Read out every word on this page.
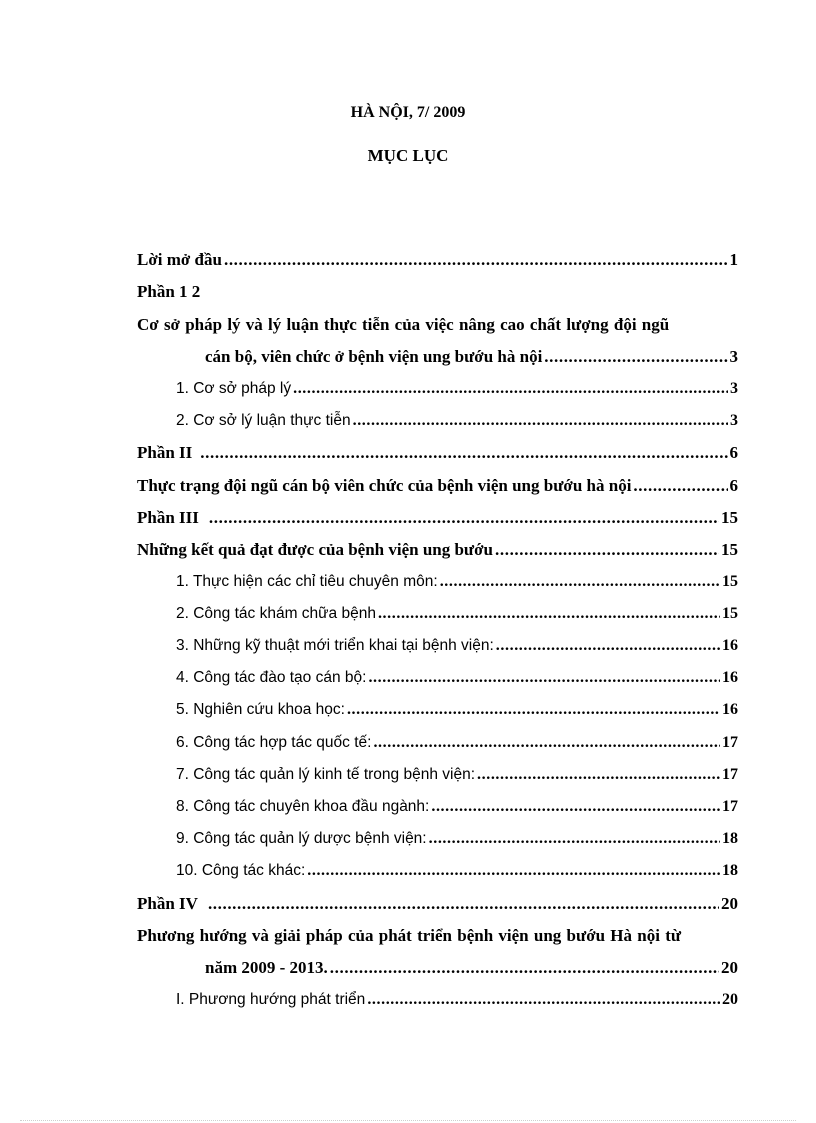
HÀ NỘI, 7/ 2009
MỤC LỤC
Lời mở đầu .....	1
Phần 1 2
Cơ sở pháp lý và lý luận thực tiễn của việc nâng cao chất lượng đội ngũ
cán bộ, viên chức ở bệnh viện ung bướu hà nội .....	3
1. Cơ sở pháp lý .....	3
2. Cơ sở lý luận thực tiễn .....	3
Phần II .....	6
Thực trạng đội ngũ cán bộ viên chức của bệnh viện ung bướu hà nội .....	6
Phần III .....	15
Những kết quả đạt được của bệnh viện ung bướu .....	15
1. Thực hiện các chỉ tiêu chuyên môn: .....	15
2. Công tác khám chữa bệnh .....	15
3. Những kỹ thuật mới triển khai tại bệnh viện: .....	16
4. Công tác đào tạo cán bộ: .....	16
5. Nghiên cứu khoa học: .....	16
6. Công tác hợp tác quốc tế: .....	17
7. Công tác quản lý kinh tế trong bệnh viện: .....	17
8. Công tác chuyên khoa đầu ngành: .....	17
9. Công tác quản lý dược bệnh viện: .....	18
10. Công tác khác: .....	18
Phần IV .....	20
Phương hướng và giải pháp của phát triển bệnh viện ung bướu Hà nội từ
năm 2009 - 2013. .....	20
I. Phương hướng phát triển .....	20
